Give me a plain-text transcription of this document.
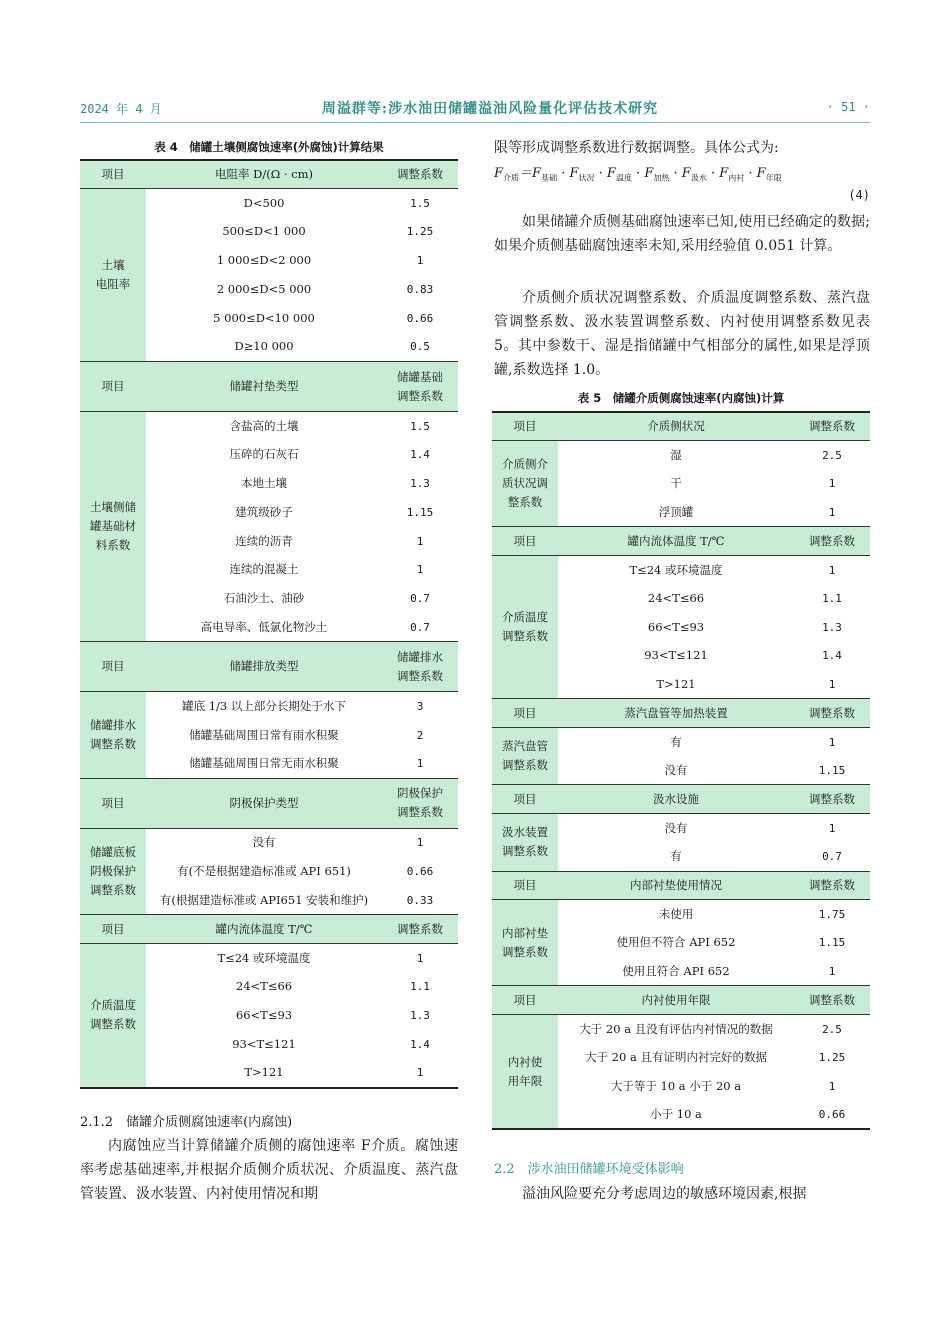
2024 年 4 月	周溢群等:涉水油田储罐溢油风险量化评估技术研究	· 51 ·
表 4　储罐土壤侧腐蚀速率(外腐蚀)计算结果
项目	电阻率 D/(Ω · cm)	调整系数
土壤
电阻率	D<500	1.5
	500≤D<1 000	1.25
	1 000≤D<2 000	1
	2 000≤D<5 000	0.83
	5 000≤D<10 000	0.66
	D≥10 000	0.5
项目	储罐衬垫类型	储罐基础
调整系数
土壤侧储
罐基础材
料系数	含盐高的土壤	1.5
	压碎的石灰石	1.4
	本地土壤	1.3
	建筑级砂子	1.15
	连续的沥青	1
	连续的混凝土	1
	石油沙土、油砂	0.7
	高电导率、低氯化物沙土	0.7
项目	储罐排放类型	储罐排水
调整系数
储罐排水
调整系数	罐底 1/3 以上部分长期处于水下	3
	储罐基础周围日常有雨水积聚	2
	储罐基础周围日常无雨水积聚	1
项目	阴极保护类型	阴极保护
调整系数
储罐底板
阴极保护
调整系数	没有	1
	有(不是根据建造标准或 API 651)	0.66
	有(根据建造标准或 API651 安装和维护)	0.33
项目	罐内流体温度 T/℃	调整系数
介质温度
调整系数	T≤24 或环境温度	1
	24<T≤66	1.1
	66<T≤93	1.3
	93<T≤121	1.4
	T>121	1
表 5　储罐介质侧腐蚀速率(内腐蚀)计算
项目	介质侧状况	调整系数
介质侧介
质状况调
整系数	湿	2.5
	干	1
	浮顶罐	1
项目	罐内流体温度 T/℃	调整系数
介质温度
调整系数	T≤24 或环境温度	1
	24<T≤66	1.1
	66<T≤93	1.3
	93<T≤121	1.4
	T>121	1
项目	蒸汽盘管等加热装置	调整系数
蒸汽盘管
调整系数	有	1
	没有	1.15
项目	汲水设施	调整系数
汲水装置
调整系数	没有	1
	有	0.7
项目	内部衬垫使用情况	调整系数
内部衬垫
调整系数	未使用	1.75
	使用但不符合 API 652	1.15
	使用且符合 API 652	1
项目	内衬使用年限	调整系数
内衬使
用年限	大于 20 a 且没有评估内衬情况的数据	2.5
	大于 20 a 且有证明内衬完好的数据	1.25
	大于等于 10 a 小于 20 a	1
	小于 10 a	0.66
限等形成调整系数进行数据调整。具体公式为:
$F_{介质}=F_{基础} \cdot F_{状况} \cdot F_{温度} \cdot F_{加热} \cdot F_{汲水} \cdot F_{内衬} \cdot F_{年限}$
(4)
如果储罐介质侧基础腐蚀速率已知,使用已经确定的数据;如果介质侧基础腐蚀速率未知,采用经验值 0.051 计算。
介质侧介质状况调整系数、介质温度调整系数、蒸汽盘管调整系数、汲水装置调整系数、内衬使用调整系数见表 5。其中参数干、湿是指储罐中气相部分的属性,如果是浮顶罐,系数选择 1.0。
2.1.2　储罐介质侧腐蚀速率(内腐蚀)
内腐蚀应当计算储罐介质侧的腐蚀速率 F介质。腐蚀速率考虑基础速率,并根据介质侧介质状况、介质温度、蒸汽盘管装置、汲水装置、内衬使用情况和期
2.2　涉水油田储罐环境受体影响
溢油风险要充分考虑周边的敏感环境因素,根据
